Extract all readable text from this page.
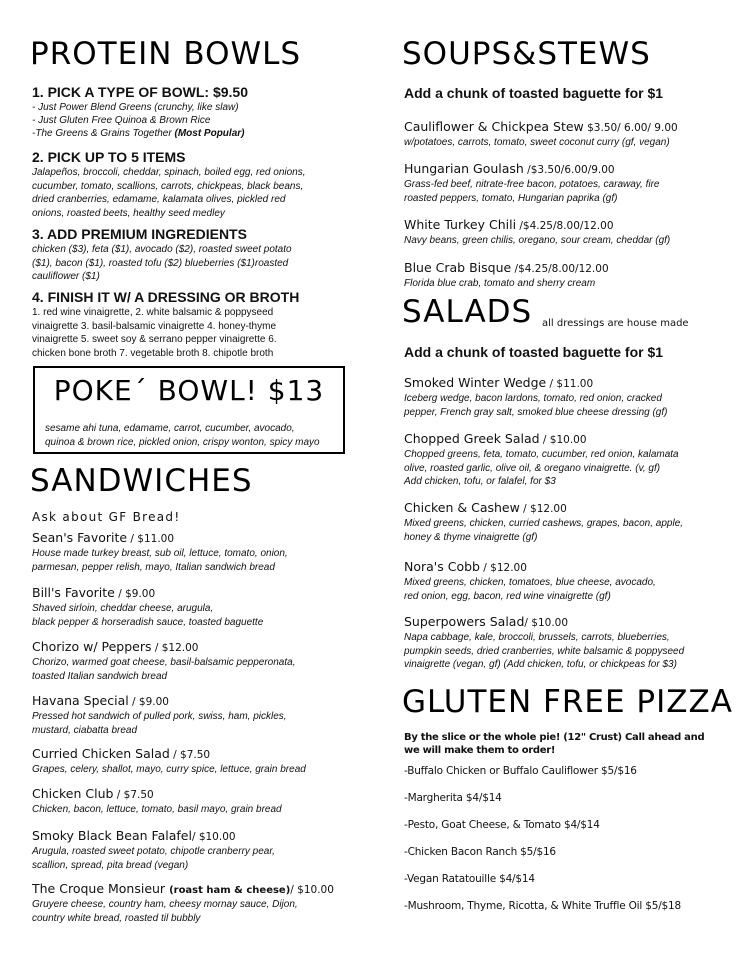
PROTEIN BOWLS
1. PICK A TYPE OF BOWL: $9.50
- Just Power Blend Greens (crunchy, like slaw)
- Just Gluten Free Quinoa & Brown Rice
-The Greens & Grains Together (Most Popular)
2. PICK UP TO 5 ITEMS
Jalapeños, broccoli, cheddar, spinach, boiled egg, red onions,
cucumber, tomato, scallions, carrots, chickpeas, black beans,
dried cranberries, edamame, kalamata olives, pickled red
onions, roasted beets, healthy seed medley
3. ADD PREMIUM INGREDIENTS
chicken ($3), feta ($1), avocado ($2), roasted sweet potato
($1), bacon ($1), roasted tofu ($2) blueberries ($1)roasted
cauliflower ($1)
4. FINISH IT W/ A DRESSING OR BROTH
1. red wine vinaigrette, 2. white balsamic & poppyseed
vinaigrette 3. basil-balsamic vinaigrette 4. honey-thyme
vinaigrette 5. sweet soy & serrano pepper vinaigrette 6.
chicken bone broth 7. vegetable broth 8. chipotle broth
POKE´ BOWL! $13
sesame ahi tuna, edamame, carrot, cucumber, avocado,
quinoa & brown rice, pickled onion, crispy wonton, spicy mayo
SANDWICHES
Ask about GF Bread!
Sean's Favorite / $11.00
House made turkey breast, sub oil, lettuce, tomato, onion,
parmesan, pepper relish, mayo, Italian sandwich bread
Bill's Favorite / $9.00
Shaved sirloin, cheddar cheese, arugula,
black pepper & horseradish sauce, toasted baguette
Chorizo w/ Peppers / $12.00
Chorizo, warmed goat cheese, basil-balsamic pepperonata,
toasted Italian sandwich bread
Havana Special / $9.00
Pressed hot sandwich of pulled pork, swiss, ham, pickles,
mustard, ciabatta bread
Curried Chicken Salad / $7.50
Grapes, celery, shallot, mayo, curry spice, lettuce, grain bread
Chicken Club / $7.50
Chicken, bacon, lettuce, tomato, basil mayo, grain bread
Smoky Black Bean Falafel/ $10.00
Arugula, roasted sweet potato, chipotle cranberry pear,
scallion, spread, pita bread (vegan)
The Croque Monsieur (roast ham & cheese)/ $10.00
Gruyere cheese, country ham, cheesy mornay sauce, Dijon,
country white bread, roasted til bubbly
SOUPS&STEWS
Add a chunk of toasted baguette for $1
Cauliflower & Chickpea Stew $3.50/ 6.00/ 9.00
w/potatoes, carrots, tomato, sweet coconut curry (gf, vegan)
Hungarian Goulash /$3.50/6.00/9.00
Grass-fed beef, nitrate-free bacon, potatoes, caraway, fire
roasted peppers, tomato, Hungarian paprika (gf)
White Turkey Chili /$4.25/8.00/12.00
Navy beans, green chilis, oregano, sour cream, cheddar (gf)
Blue Crab Bisque /$4.25/8.00/12.00
Florida blue crab, tomato and sherry cream
SALADS all dressings are house made
Add a chunk of toasted baguette for $1
Smoked Winter Wedge / $11.00
Iceberg wedge, bacon lardons, tomato, red onion, cracked
pepper, French gray salt, smoked blue cheese dressing (gf)
Chopped Greek Salad / $10.00
Chopped greens, feta, tomato, cucumber, red onion, kalamata
olive, roasted garlic, olive oil, & oregano vinaigrette. (v, gf)
Add chicken, tofu, or falafel, for $3
Chicken & Cashew / $12.00
Mixed greens, chicken, curried cashews, grapes, bacon, apple,
honey & thyme vinaigrette (gf)
Nora's Cobb / $12.00
Mixed greens, chicken, tomatoes, blue cheese, avocado,
red onion, egg, bacon, red wine vinaigrette (gf)
Superpowers Salad/ $10.00
Napa cabbage, kale, broccoli, brussels, carrots, blueberries,
pumpkin seeds, dried cranberries, white balsamic & poppyseed
vinaigrette (vegan, gf) (Add chicken, tofu, or chickpeas for $3)
GLUTEN FREE PIZZA
By the slice or the whole pie! (12" Crust) Call ahead and
we will make them to order!
-Buffalo Chicken or Buffalo Cauliflower $5/$16
-Margherita $4/$14
-Pesto, Goat Cheese, & Tomato $4/$14
-Chicken Bacon Ranch $5/$16
-Vegan Ratatouille $4/$14
-Mushroom, Thyme, Ricotta, & White Truffle Oil $5/$18
